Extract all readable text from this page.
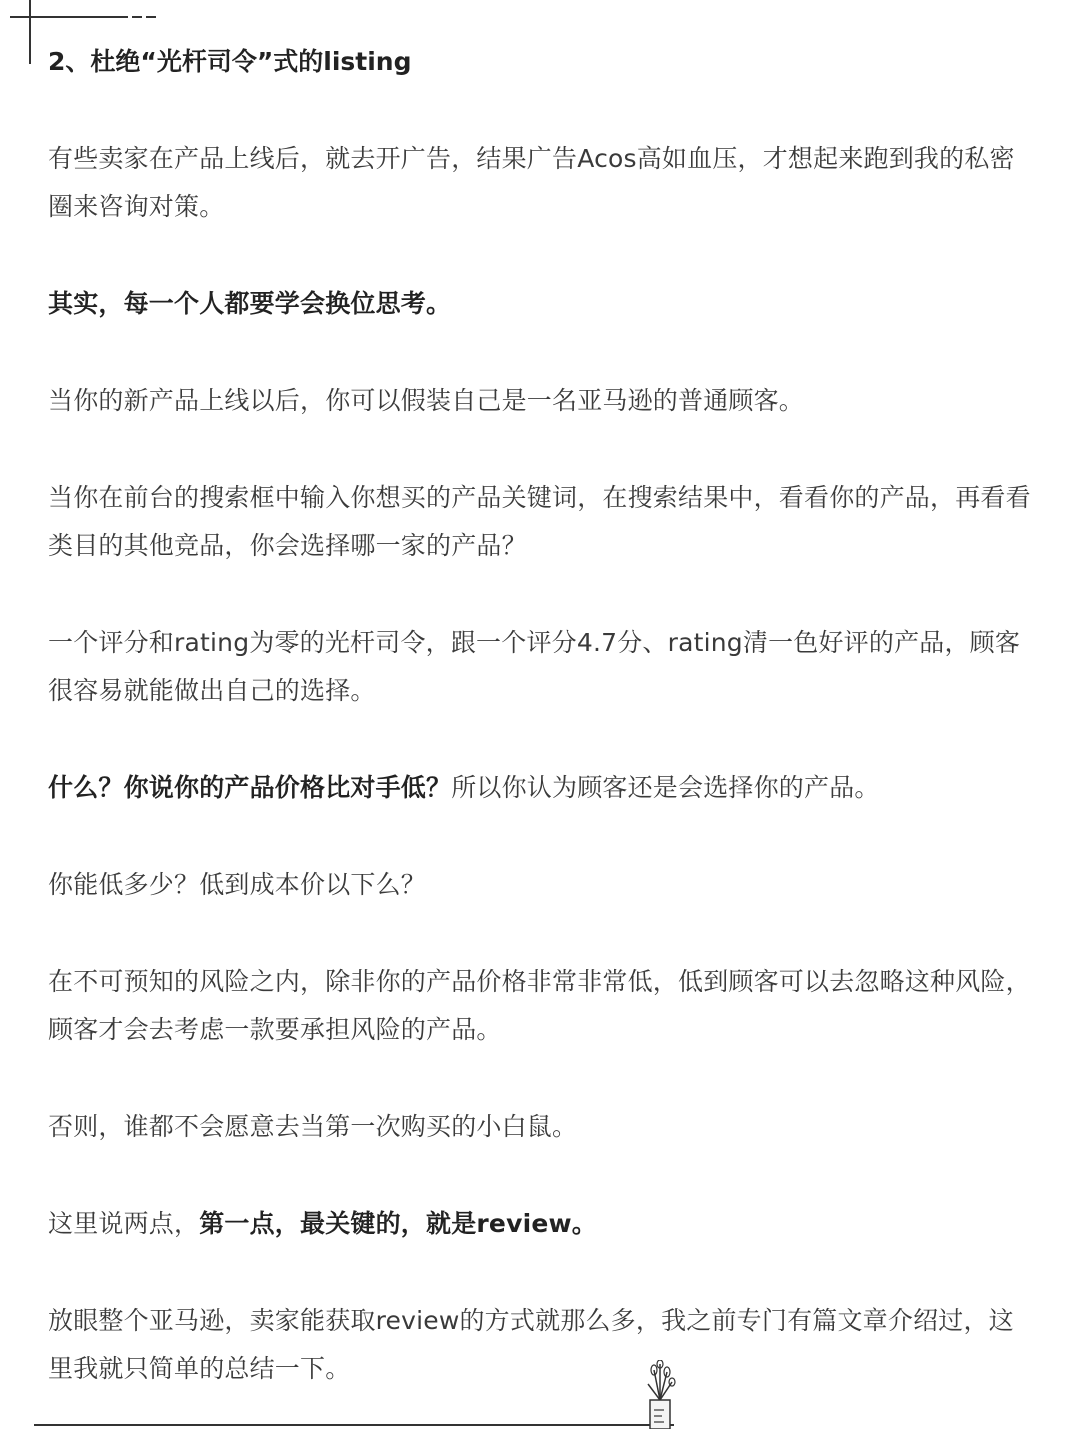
2、杜绝“光杆司令”式的listing

有些卖家在产品上线后，就去开广告，结果广告Acos高如血压，才想起来跑到我的私密圈来咨询对策。

其实，每一个人都要学会换位思考。

当你的新产品上线以后，你可以假装自己是一名亚马逊的普通顾客。

当你在前台的搜索框中输入你想买的产品关键词，在搜索结果中，看看你的产品，再看看类目的其他竞品，你会选择哪一家的产品？

一个评分和rating为零的光杆司令，跟一个评分4.7分、rating清一色好评的产品，顾客很容易就能做出自己的选择。

什么？你说你的产品价格比对手低？所以你认为顾客还是会选择你的产品。

你能低多少？低到成本价以下么？

在不可预知的风险之内，除非你的产品价格非常非常低，低到顾客可以去忽略这种风险，顾客才会去考虑一款要承担风险的产品。

否则，谁都不会愿意去当第一次购买的小白鼠。

这里说两点，第一点，最关键的，就是review。

放眼整个亚马逊，卖家能获取review的方式就那么多，我之前专门有篇文章介绍过，这里我就只简单的总结一下。
